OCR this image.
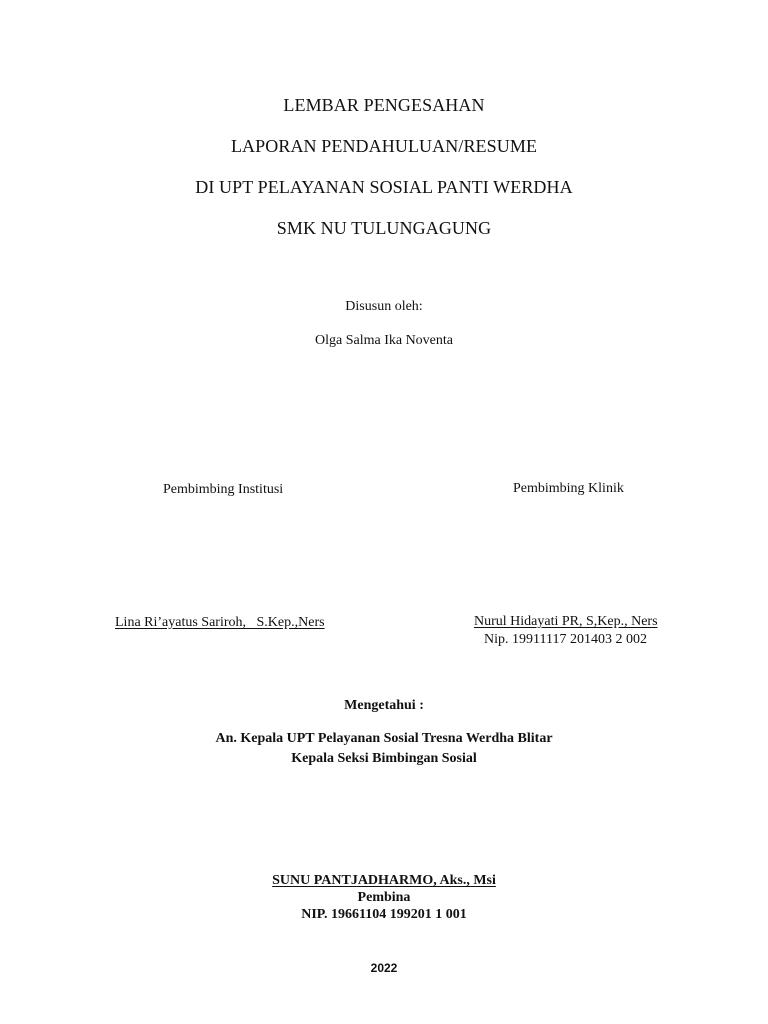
LEMBAR PENGESAHAN
LAPORAN PENDAHULUAN/RESUME
DI UPT PELAYANAN SOSIAL PANTI WERDHA
SMK NU TULUNGAGUNG
Disusun oleh:
Olga Salma Ika Noventa
Pembimbing Institusi	Pembimbing Klinik
Lina Ri’ayatus Sariroh,   S.Kep.,Ners	Nurul Hidayati PR, S,Kep., Ners
Nip. 19911117 201403 2 002
Mengetahui :
An. Kepala UPT Pelayanan Sosial Tresna Werdha Blitar
Kepala Seksi Bimbingan Sosial
SUNU PANTJADHARMO, Aks., Msi
Pembina
NIP. 19661104 199201 1 001
2022
